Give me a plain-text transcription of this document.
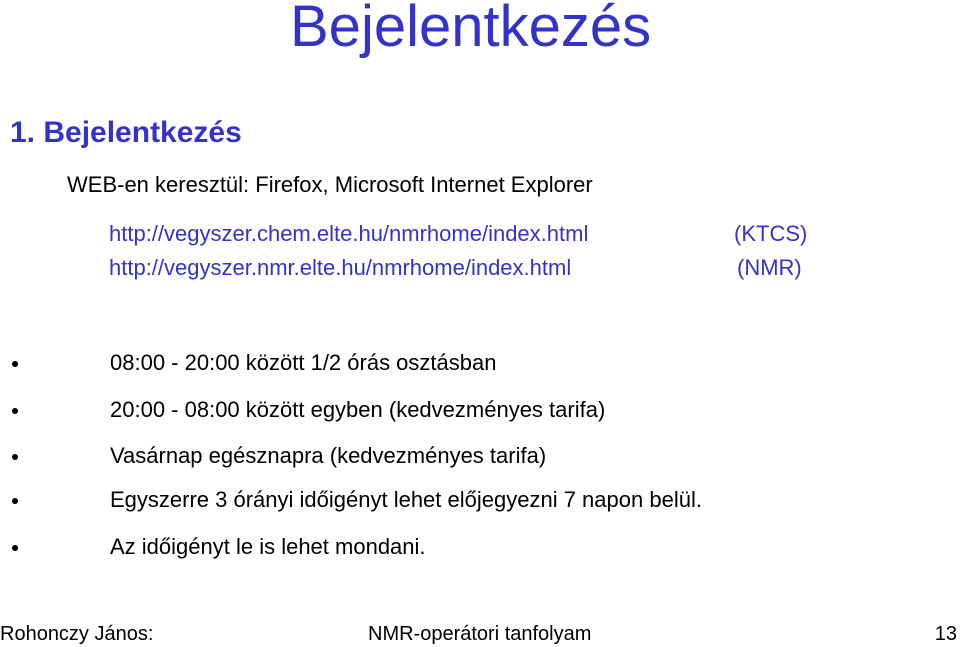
Bejelentkezés
1. Bejelentkezés
WEB-en keresztül: Firefox, Microsoft Internet Explorer
http://vegyszer.chem.elte.hu/nmrhome/index.html	(KTCS)
http://vegyszer.nmr.elte.hu/nmrhome/index.html	(NMR)
08:00 - 20:00 között 1/2 órás osztásban
20:00 - 08:00 között egyben (kedvezményes tarifa)
Vasárnap egésznapra (kedvezményes tarifa)
Egyszerre 3 órányi időigényt lehet előjegyezni 7 napon belül.
Az időigényt le is lehet mondani.
Rohonczy János:	NMR-operátori tanfolyam	13
